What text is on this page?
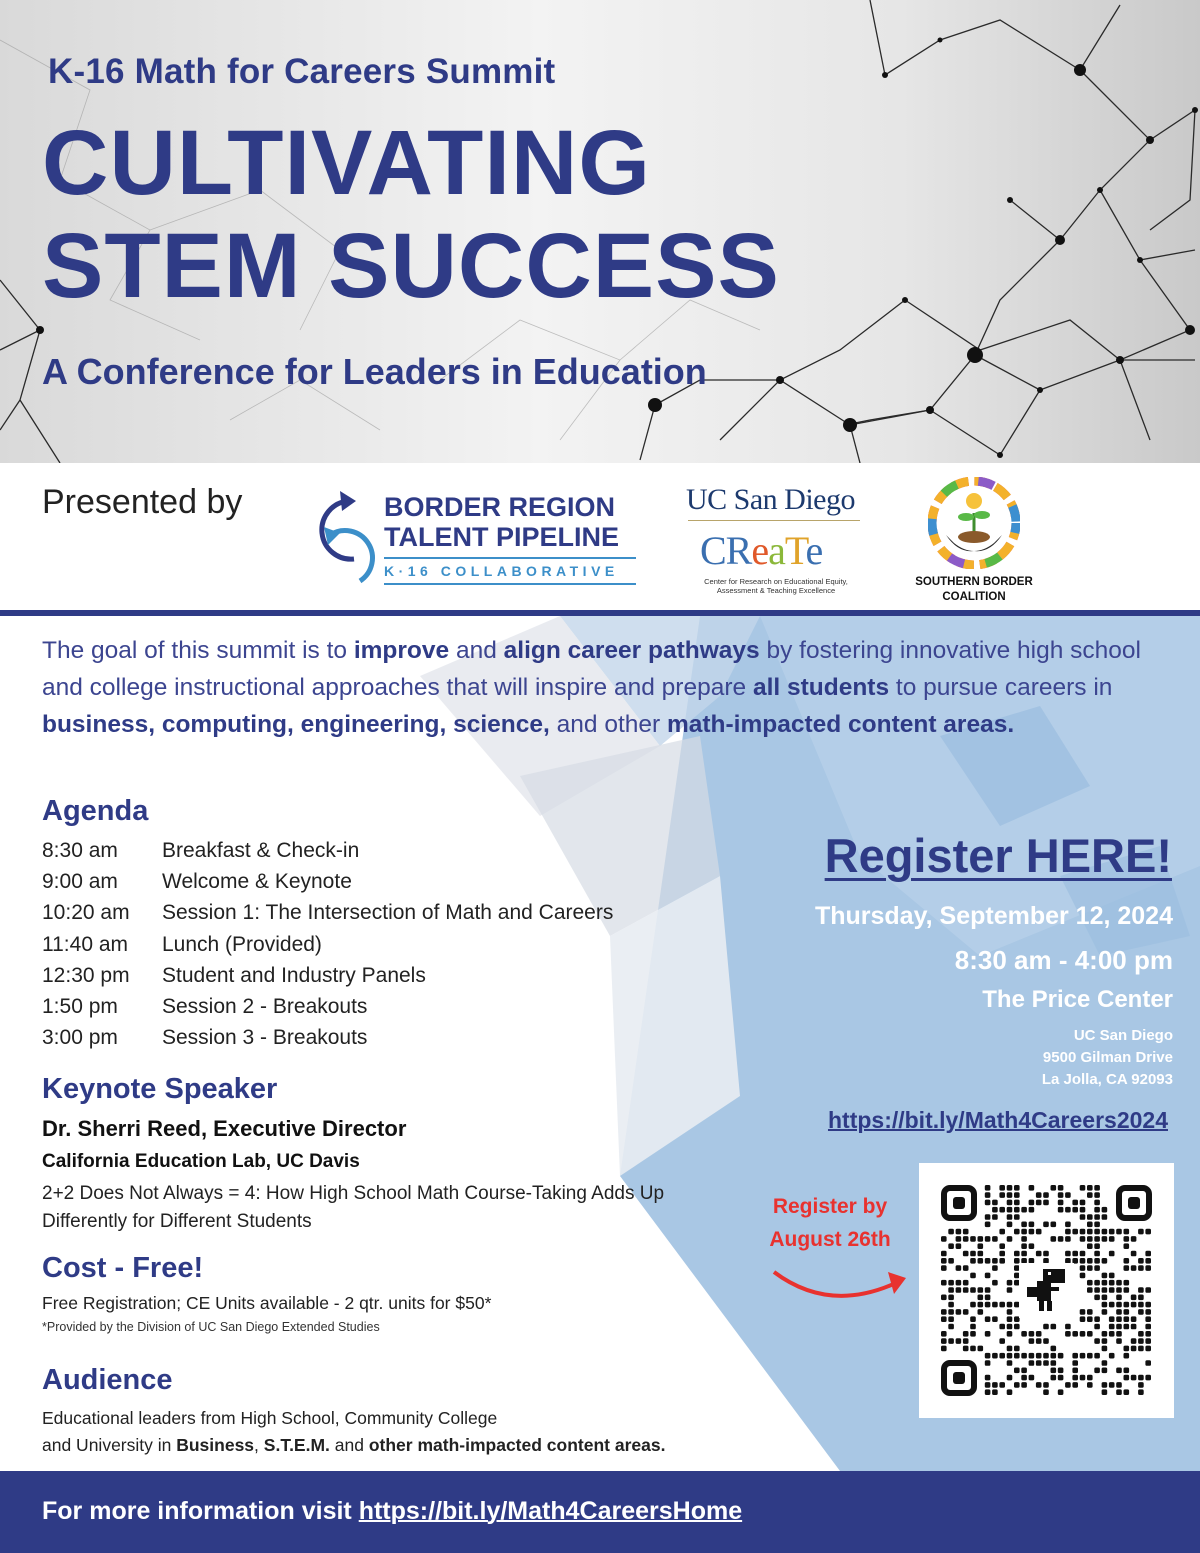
K-16 Math for Careers Summit
CULTIVATING
STEM SUCCESS
A Conference for Leaders in Education
Presented by	BORDER REGION
TALENT PIPELINE
K·16 COLLABORATIVE
UC San Diego
CReaTe
Center for Research on Educational Equity, Assessment & Teaching Excellence
SOUTHERN BORDER COALITION

The goal of this summit is to improve and align career pathways by fostering innovative high school and college instructional approaches that will inspire and prepare all students to pursue careers in business, computing, engineering, science, and other math-impacted content areas.

Agenda
8:30 am Breakfast & Check-in
9:00 am Welcome & Keynote
10:20 am Session 1: The Intersection of Math and Careers
11:40 am Lunch (Provided)
12:30 pm Student and Industry Panels
1:50 pm Session 2 - Breakouts
3:00 pm Session 3 - Breakouts
Keynote Speaker
Dr. Sherri Reed, Executive Director
California Education Lab, UC Davis
2+2 Does Not Always = 4: How High School Math Course-Taking Adds Up Differently for Different Students
Cost - Free!
Free Registration; CE Units available - 2 qtr. units for $50*
*Provided by the Division of UC San Diego Extended Studies
Audience
Educational leaders from High School, Community College
and University in Business, S.T.E.M. and other math-impacted content areas.
Register HERE!
Thursday, September 12, 2024
8:30 am - 4:00 pm
The Price Center
UC San Diego
9500 Gilman Drive
La Jolla, CA 92093
https://bit.ly/Math4Careers2024
Register by
August 26th
For more information visit https://bit.ly/Math4CareersHome
